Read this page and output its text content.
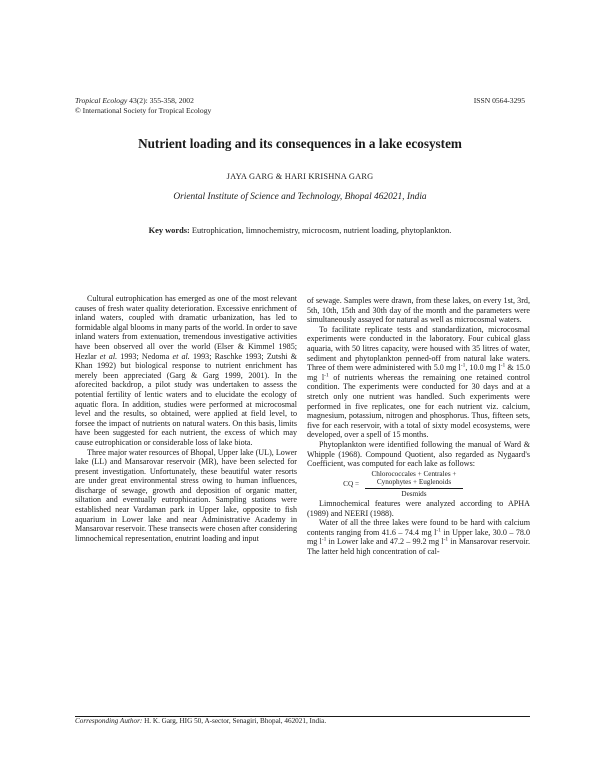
Tropical Ecology 43(2): 355-358, 2002
© International Society for Tropical Ecology
ISSN 0564-3295
Nutrient loading and its consequences in a lake ecosystem
JAYA GARG & HARI KRISHNA GARG
Oriental Institute of Science and Technology, Bhopal 462021, India
Key words: Eutrophication, limnochemistry, microcosm, nutrient loading, phytoplankton.

Cultural eutrophication has emerged as one of the most relevant causes of fresh water quality deterioration. Excessive enrichment of inland waters, coupled with dramatic urbanization, has led to formidable algal blooms in many parts of the world. In order to save inland waters from extenuation, tremendous investigative activities have been observed all over the world (Elser & Kimmel 1985; Hezlar et al. 1993; Nedoma et al. 1993; Raschke 1993; Zutshi & Khan 1992) but biological response to nutrient enrichment has merely been appreciated (Garg & Garg 1999, 2001). In the aforecited backdrop, a pilot study was undertaken to assess the potential fertility of lentic waters and to elucidate the ecology of aquatic flora. In addition, studies were performed at microcosmal level and the results, so obtained, were applied at field level, to forsee the impact of nutrients on natural waters. On this basis, limits have been suggested for each nutrient, the excess of which may cause eutrophication or considerable loss of lake biota.

Three major water resources of Bhopal, Upper lake (UL), Lower lake (LL) and Mansarovar reservoir (MR), have been selected for present investigation. Unfortunately, these beautiful water resorts are under great environmental stress owing to human influences, discharge of sewage, growth and deposition of organic matter, siltation and eventually eutrophication. Sampling stations were established near Vardaman park in Upper lake, opposite to fish aquarium in Lower lake and near Administrative Academy in Mansarovar reservoir. These transects were chosen after considering limnochemical representation, enutrint loading and input

of sewage. Samples were drawn, from these lakes, on every 1st, 3rd, 5th, 10th, 15th and 30th day of the month and the parameters were simultaneously assayed for natural as well as microcosmal waters.

To facilitate replicate tests and standardization, microcosmal experiments were conducted in the laboratory. Four cubical glass aquaria, with 50 litres capacity, were housed with 35 litres of water, sediment and phytoplankton penned-off from natural lake waters. Three of them were administered with 5.0 mg $l^{-1}$, 10.0 mg $l^{-1}$ & 15.0 mg $l^{-1}$ of nutrients whereas the remaining one retained control condition. The experiments were conducted for 30 days and at a stretch only one nutrient was handled. Such experiments were performed in five replicates, one for each nutrient viz. calcium, magnesium, potassium, nitrogen and phosphorus. Thus, fifteen sets, five for each reservoir, with a total of sixty model ecosystems, were developed, over a spell of 15 months.

Phytoplankton were identified following the manual of Ward & Whipple (1968). Compound Quotient, also regarded as Nygaard's Coefficient, was computed for each lake as follows:

CQ =
Chlorococcales + Centrales +
Cynophytes + Euglenoids
Desmids

Limnochemical features were analyzed according to APHA (1989) and NEERI (1988).

Water of all the three lakes were found to be hard with calcium contents ranging from 41.6 – 74.4 mg $l^{-1}$ in Upper lake, 30.0 – 78.0 mg $l^{-1}$ in Lower lake and 47.2 – 99.2 mg $l^{-1}$ in Mansarovar reservoir. The latter held high concentration of cal-

Corresponding Author: H. K. Garg, HIG 50, A-sector, Senagiri, Bhopal, 462021, India.
